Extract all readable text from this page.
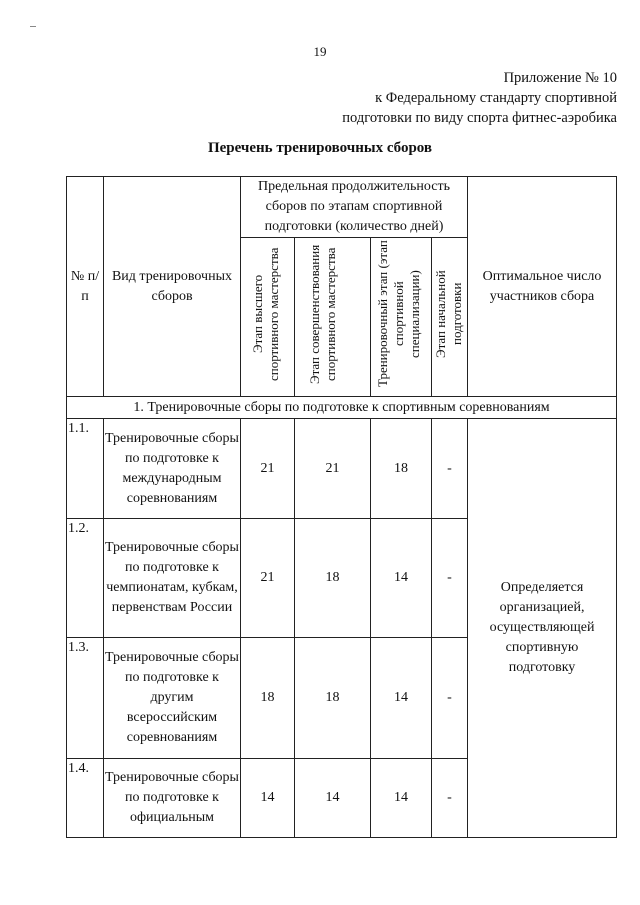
19
Приложение № 10
к Федеральному стандарту спортивной
подготовки по виду спорта фитнес-аэробика
Перечень тренировочных сборов
№ п/п	Вид тренировочных сборов	Предельная продолжительность сборов по этапам спортивной подготовки (количество дней)				Оптимальное число участников сбора

		Этап высшего спортивного мастерства	Этап совершенствования спортивного мастерства	Тренировочный этап (этап спортивной специализации)	Этап начальной подготовки	
1. Тренировочные сборы по подготовке к спортивным соревнованиям						
1.1.	Тренировочные сборы по подготовке к международным соревнованиям	21	21	18	-	Определяется организацией, осуществляющей спортивную подготовку

1.2.	Тренировочные сборы по подготовке к чемпионатам, кубкам, первенствам России	21	18	14	-	
1.3.	Тренировочные сборы по подготовке к другим всероссийским соревнованиям	18	18	14	-	
1.4.	Тренировочные сборы по подготовке к официальным	14	14	14	-	
